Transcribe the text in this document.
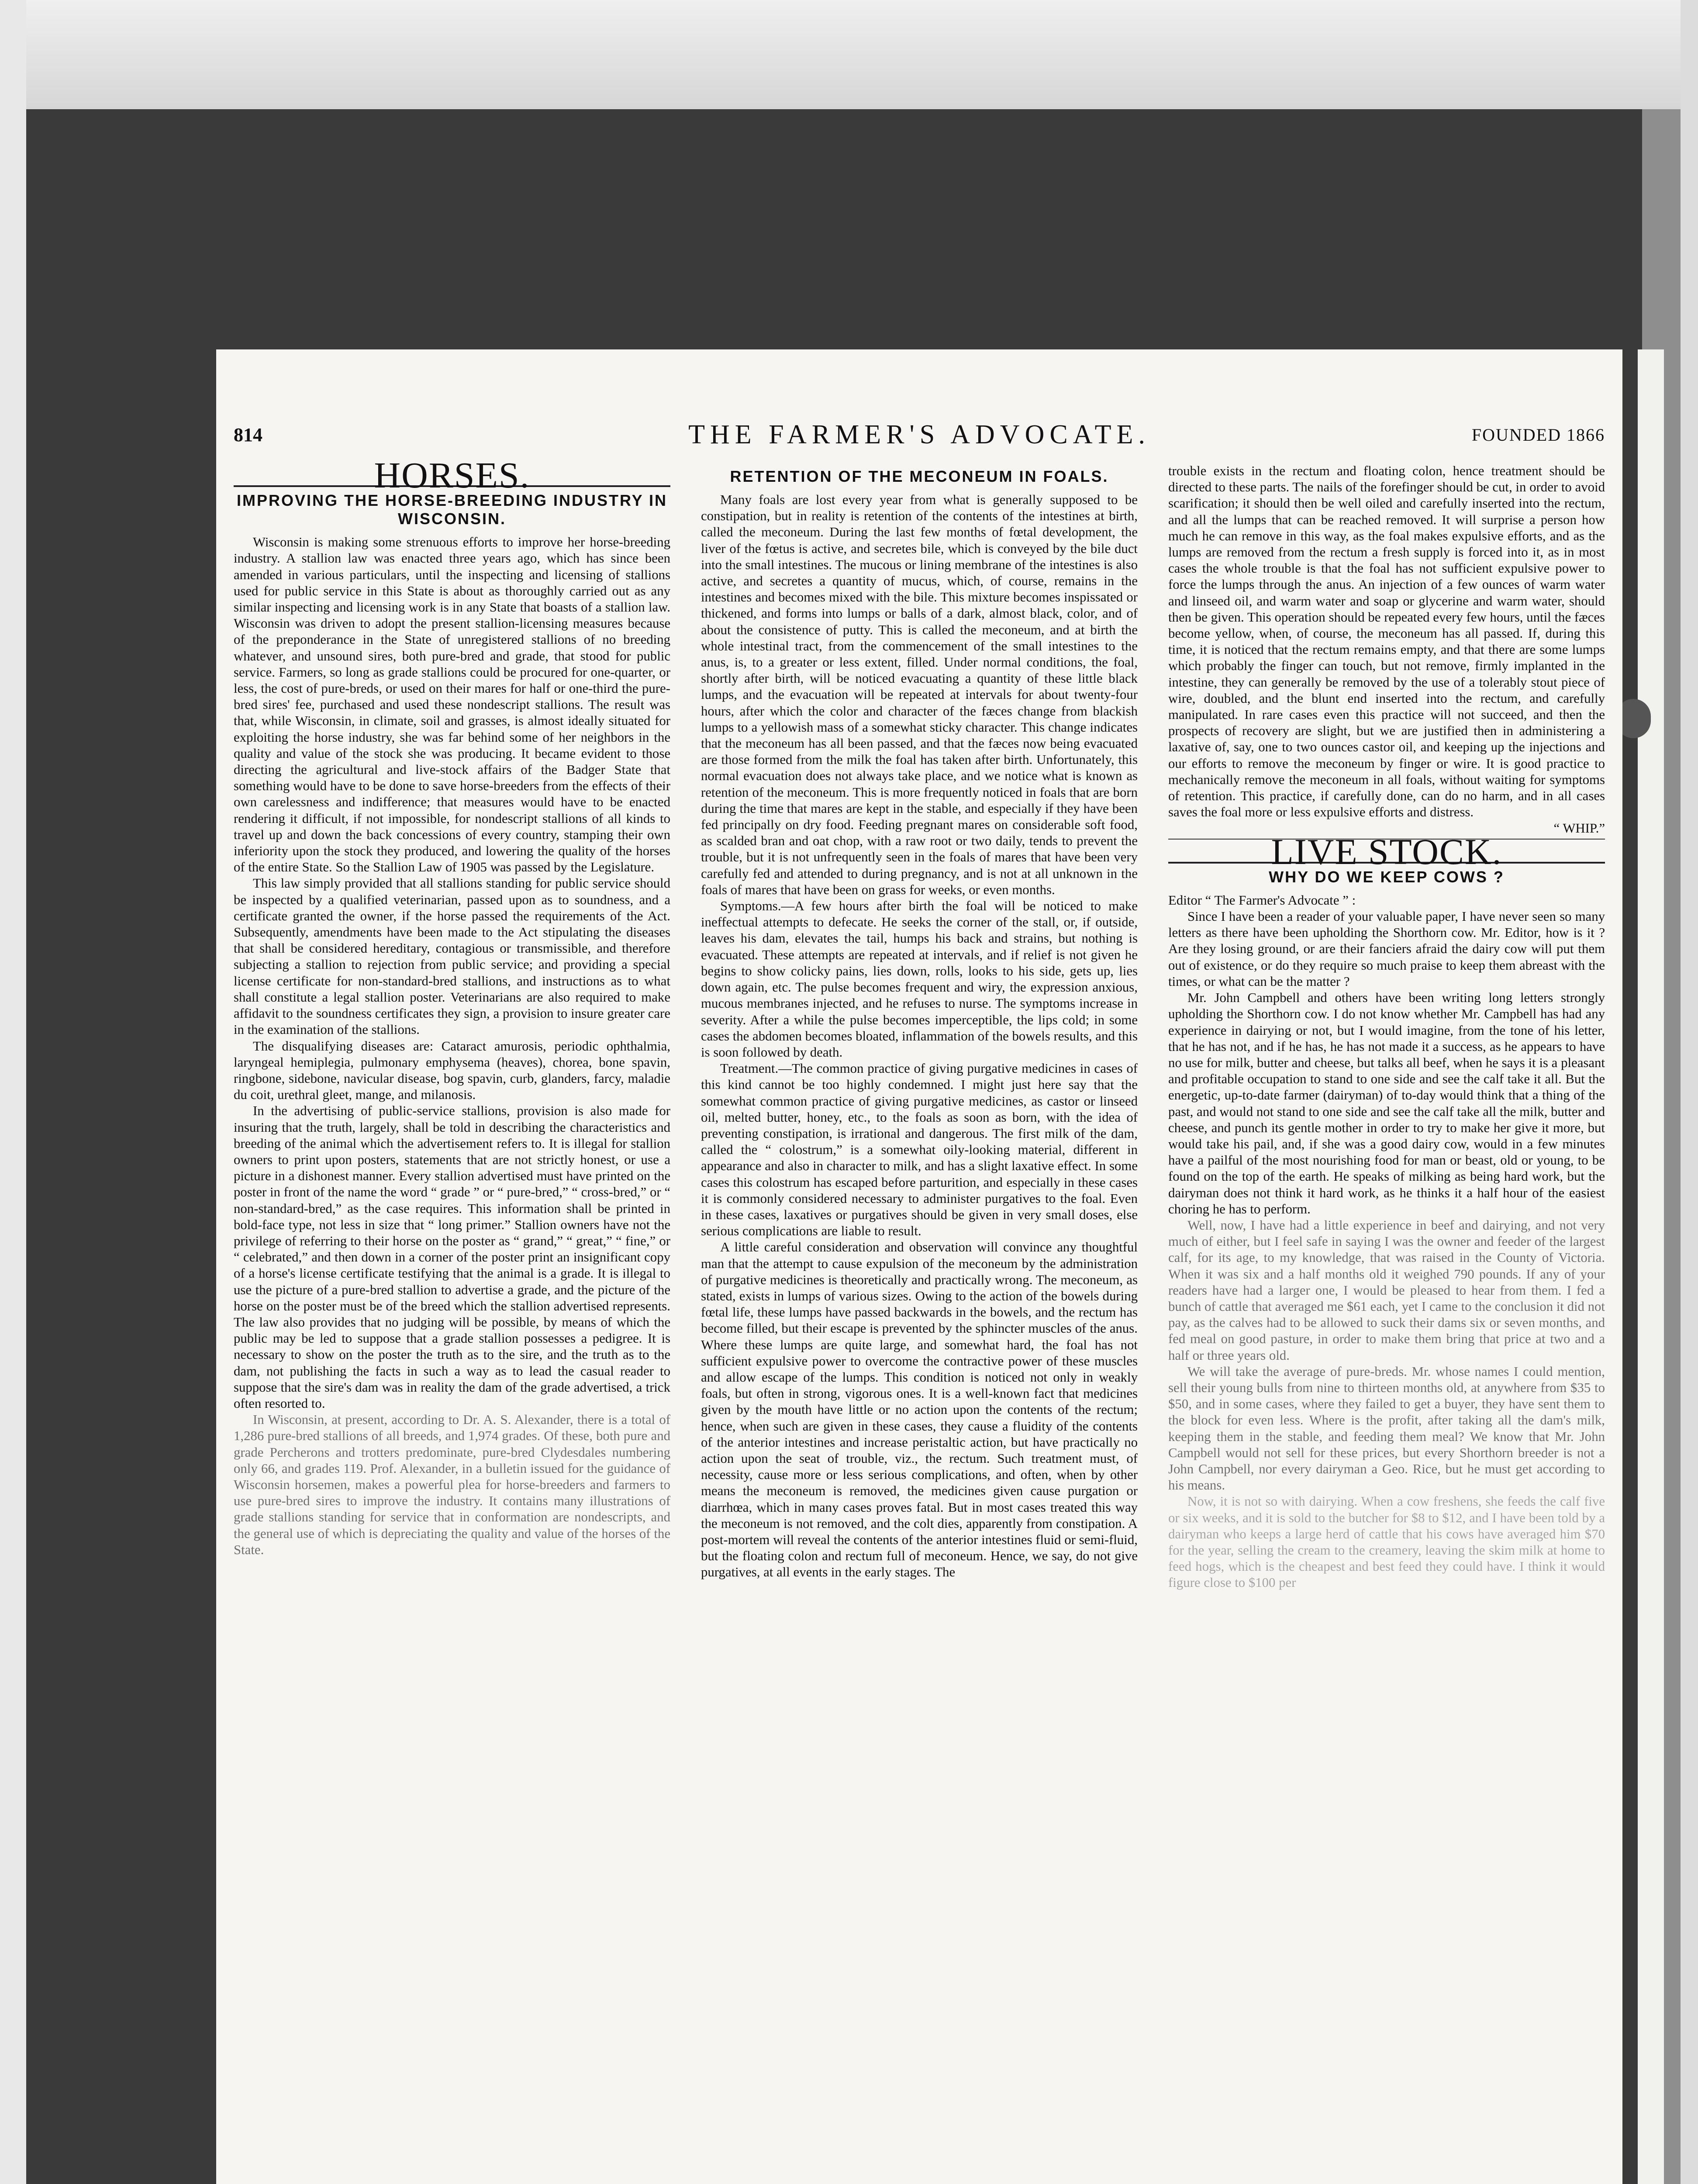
814	THE FARMER'S ADVOCATE.	FOUNDED 1866
HORSES.
IMPROVING THE HORSE-BREEDING INDUSTRY IN WISCONSIN.

Wisconsin is making some strenuous efforts to improve her horse-breeding industry. A stallion law was enacted three years ago, which has since been amended in various particulars, until the inspecting and licensing of stallions used for public service in this State is about as thoroughly carried out as any similar inspecting and licensing work is in any State that boasts of a stallion law. Wisconsin was driven to adopt the present stallion-licensing measures because of the preponderance in the State of unregistered stallions of no breeding whatever, and unsound sires, both pure-bred and grade, that stood for public service. Farmers, so long as grade stallions could be procured for one-quarter, or less, the cost of pure-breds, or used on their mares for half or one-third the pure-bred sires' fee, purchased and used these nondescript stallions. The result was that, while Wisconsin, in climate, soil and grasses, is almost ideally situated for exploiting the horse industry, she was far behind some of her neighbors in the quality and value of the stock she was producing. It became evident to those directing the agricultural and live-stock affairs of the Badger State that something would have to be done to save horse-breeders from the effects of their own carelessness and indifference; that measures would have to be enacted rendering it difficult, if not impossible, for nondescript stallions of all kinds to travel up and down the back concessions of every country, stamping their own inferiority upon the stock they produced, and lowering the quality of the horses of the entire State. So the Stallion Law of 1905 was passed by the Legislature.

This law simply provided that all stallions standing for public service should be inspected by a qualified veterinarian, passed upon as to soundness, and a certificate granted the owner, if the horse passed the requirements of the Act. Subsequently, amendments have been made to the Act stipulating the diseases that shall be considered hereditary, contagious or transmissible, and therefore subjecting a stallion to rejection from public service; and providing a special license certificate for non-standard-bred stallions, and instructions as to what shall constitute a legal stallion poster. Veterinarians are also required to make affidavit to the soundness certificates they sign, a provision to insure greater care in the examination of the stallions.

The disqualifying diseases are: Cataract amurosis, periodic ophthalmia, laryngeal hemiplegia, pulmonary emphysema (heaves), chorea, bone spavin, ringbone, sidebone, navicular disease, bog spavin, curb, glanders, farcy, maladie du coit, urethral gleet, mange, and milanosis.

In the advertising of public-service stallions, provision is also made for insuring that the truth, largely, shall be told in describing the characteristics and breeding of the animal which the advertisement refers to. It is illegal for stallion owners to print upon posters, statements that are not strictly honest, or use a picture in a dishonest manner. Every stallion advertised must have printed on the poster in front of the name the word “ grade ” or “ pure-bred,” “ cross-bred,” or “ non-standard-bred,” as the case requires. This information shall be printed in bold-face type, not less in size that “ long primer.” Stallion owners have not the privilege of referring to their horse on the poster as “ grand,” “ great,” “ fine,” or “ celebrated,” and then down in a corner of the poster print an insignificant copy of a horse's license certificate testifying that the animal is a grade. It is illegal to use the picture of a pure-bred stallion to advertise a grade, and the picture of the horse on the poster must be of the breed which the stallion advertised represents. The law also provides that no judging will be possible, by means of which the public may be led to suppose that a grade stallion possesses a pedigree. It is necessary to show on the poster the truth as to the sire, and the truth as to the dam, not publishing the facts in such a way as to lead the casual reader to suppose that the sire's dam was in reality the dam of the grade advertised, a trick often resorted to.

In Wisconsin, at present, according to Dr. A. S. Alexander, there is a total of 1,286 pure-bred stallions of all breeds, and 1,974 grades. Of these, both pure and grade Percherons and trotters predominate, pure-bred Clydesdales numbering only 66, and grades 119. Prof. Alexander, in a bulletin issued for the guidance of Wisconsin horsemen, makes a powerful plea for horse-breeders and farmers to use pure-bred sires to improve the industry. It contains many illustrations of grade stallions standing for service that in conformation are nondescripts, and the general use of which is depreciating the quality and value of the horses of the State.

RETENTION OF THE MECONEUM IN FOALS.

Many foals are lost every year from what is generally supposed to be constipation, but in reality is retention of the contents of the intestines at birth, called the meconeum. During the last few months of fœtal development, the liver of the fœtus is active, and secretes bile, which is conveyed by the bile duct into the small intestines. The mucous or lining membrane of the intestines is also active, and secretes a quantity of mucus, which, of course, remains in the intestines and becomes mixed with the bile. This mixture becomes inspissated or thickened, and forms into lumps or balls of a dark, almost black, color, and of about the consistence of putty. This is called the meconeum, and at birth the whole intestinal tract, from the commencement of the small intestines to the anus, is, to a greater or less extent, filled. Under normal conditions, the foal, shortly after birth, will be noticed evacuating a quantity of these little black lumps, and the evacuation will be repeated at intervals for about twenty-four hours, after which the color and character of the fæces change from blackish lumps to a yellowish mass of a somewhat sticky character. This change indicates that the meconeum has all been passed, and that the fæces now being evacuated are those formed from the milk the foal has taken after birth. Unfortunately, this normal evacuation does not always take place, and we notice what is known as retention of the meconeum. This is more frequently noticed in foals that are born during the time that mares are kept in the stable, and especially if they have been fed principally on dry food. Feeding pregnant mares on considerable soft food, as scalded bran and oat chop, with a raw root or two daily, tends to prevent the trouble, but it is not unfrequently seen in the foals of mares that have been very carefully fed and attended to during pregnancy, and is not at all unknown in the foals of mares that have been on grass for weeks, or even months.

Symptoms.—A few hours after birth the foal will be noticed to make ineffectual attempts to defecate. He seeks the corner of the stall, or, if outside, leaves his dam, elevates the tail, humps his back and strains, but nothing is evacuated. These attempts are repeated at intervals, and if relief is not given he begins to show colicky pains, lies down, rolls, looks to his side, gets up, lies down again, etc. The pulse becomes frequent and wiry, the expression anxious, mucous membranes injected, and he refuses to nurse. The symptoms increase in severity. After a while the pulse becomes imperceptible, the lips cold; in some cases the abdomen becomes bloated, inflammation of the bowels results, and this is soon followed by death.

Treatment.—The common practice of giving purgative medicines in cases of this kind cannot be too highly condemned. I might just here say that the somewhat common practice of giving purgative medicines, as castor or linseed oil, melted butter, honey, etc., to the foals as soon as born, with the idea of preventing constipation, is irrational and dangerous. The first milk of the dam, called the “ colostrum,” is a somewhat oily-looking material, different in appearance and also in character to milk, and has a slight laxative effect. In some cases this colostrum has escaped before parturition, and especially in these cases it is commonly considered necessary to administer purgatives to the foal. Even in these cases, laxatives or purgatives should be given in very small doses, else serious complications are liable to result.

A little careful consideration and observation will convince any thoughtful man that the attempt to cause expulsion of the meconeum by the administration of purgative medicines is theoretically and practically wrong. The meconeum, as stated, exists in lumps of various sizes. Owing to the action of the bowels during fœtal life, these lumps have passed backwards in the bowels, and the rectum has become filled, but their escape is prevented by the sphincter muscles of the anus. Where these lumps are quite large, and somewhat hard, the foal has not sufficient expulsive power to overcome the contractive power of these muscles and allow escape of the lumps. This condition is noticed not only in weakly foals, but often in strong, vigorous ones. It is a well-known fact that medicines given by the mouth have little or no action upon the contents of the rectum; hence, when such are given in these cases, they cause a fluidity of the contents of the anterior intestines and increase peristaltic action, but have practically no action upon the seat of trouble, viz., the rectum. Such treatment must, of necessity, cause more or less serious complications, and often, when by other means the meconeum is removed, the medicines given cause purgation or diarrhœa, which in many cases proves fatal. But in most cases treated this way the meconeum is not removed, and the colt dies, apparently from constipation. A post-mortem will reveal the contents of the anterior intestines fluid or semi-fluid, but the floating colon and rectum full of meconeum. Hence, we say, do not give purgatives, at all events in the early stages. The

trouble exists in the rectum and floating colon, hence treatment should be directed to these parts. The nails of the forefinger should be cut, in order to avoid scarification; it should then be well oiled and carefully inserted into the rectum, and all the lumps that can be reached removed. It will surprise a person how much he can remove in this way, as the foal makes expulsive efforts, and as the lumps are removed from the rectum a fresh supply is forced into it, as in most cases the whole trouble is that the foal has not sufficient expulsive power to force the lumps through the anus. An injection of a few ounces of warm water and linseed oil, and warm water and soap or glycerine and warm water, should then be given. This operation should be repeated every few hours, until the fæces become yellow, when, of course, the meconeum has all passed. If, during this time, it is noticed that the rectum remains empty, and that there are some lumps which probably the finger can touch, but not remove, firmly implanted in the intestine, they can generally be removed by the use of a tolerably stout piece of wire, doubled, and the blunt end inserted into the rectum, and carefully manipulated. In rare cases even this practice will not succeed, and then the prospects of recovery are slight, but we are justified then in administering a laxative of, say, one to two ounces castor oil, and keeping up the injections and our efforts to remove the meconeum by finger or wire. It is good practice to mechanically remove the meconeum in all foals, without waiting for symptoms of retention. This practice, if carefully done, can do no harm, and in all cases saves the foal more or less expulsive efforts and distress.

“ WHIP.”

LIVE STOCK.
WHY DO WE KEEP COWS ?

Editor “ The Farmer's Advocate ” :

Since I have been a reader of your valuable paper, I have never seen so many letters as there have been upholding the Shorthorn cow. Mr. Editor, how is it ? Are they losing ground, or are their fanciers afraid the dairy cow will put them out of existence, or do they require so much praise to keep them abreast with the times, or what can be the matter ?

Mr. John Campbell and others have been writing long letters strongly upholding the Shorthorn cow. I do not know whether Mr. Campbell has had any experience in dairying or not, but I would imagine, from the tone of his letter, that he has not, and if he has, he has not made it a success, as he appears to have no use for milk, butter and cheese, but talks all beef, when he says it is a pleasant and profitable occupation to stand to one side and see the calf take it all. But the energetic, up-to-date farmer (dairyman) of to-day would think that a thing of the past, and would not stand to one side and see the calf take all the milk, butter and cheese, and punch its gentle mother in order to try to make her give it more, but would take his pail, and, if she was a good dairy cow, would in a few minutes have a pailful of the most nourishing food for man or beast, old or young, to be found on the top of the earth. He speaks of milking as being hard work, but the dairyman does not think it hard work, as he thinks it a half hour of the easiest choring he has to perform.

Well, now, I have had a little experience in beef and dairying, and not very much of either, but I feel safe in saying I was the owner and feeder of the largest calf, for its age, to my knowledge, that was raised in the County of Victoria. When it was six and a half months old it weighed 790 pounds. If any of your readers have had a larger one, I would be pleased to hear from them. I fed a bunch of cattle that averaged me $61 each, yet I came to the conclusion it did not pay, as the calves had to be allowed to suck their dams six or seven months, and fed meal on good pasture, in order to make them bring that price at two and a half or three years old.

We will take the average of pure-breds. Mr. whose names I could mention, sell their young bulls from nine to thirteen months old, at anywhere from $35 to $50, and in some cases, where they failed to get a buyer, they have sent them to the block for even less. Where is the profit, after taking all the dam's milk, keeping them in the stable, and feeding them meal? We know that Mr. John Campbell would not sell for these prices, but every Shorthorn breeder is not a John Campbell, nor every dairyman a Geo. Rice, but he must get according to his means.

Now, it is not so with dairying. When a cow freshens, she feeds the calf five or six weeks, and it is sold to the butcher for $8 to $12, and I have been told by a dairyman who keeps a large herd of cattle that his cows have averaged him $70 for the year, selling the cream to the creamery, leaving the skim milk at home to feed hogs, which is the cheapest and best feed they could have. I think it would figure close to $100 per
